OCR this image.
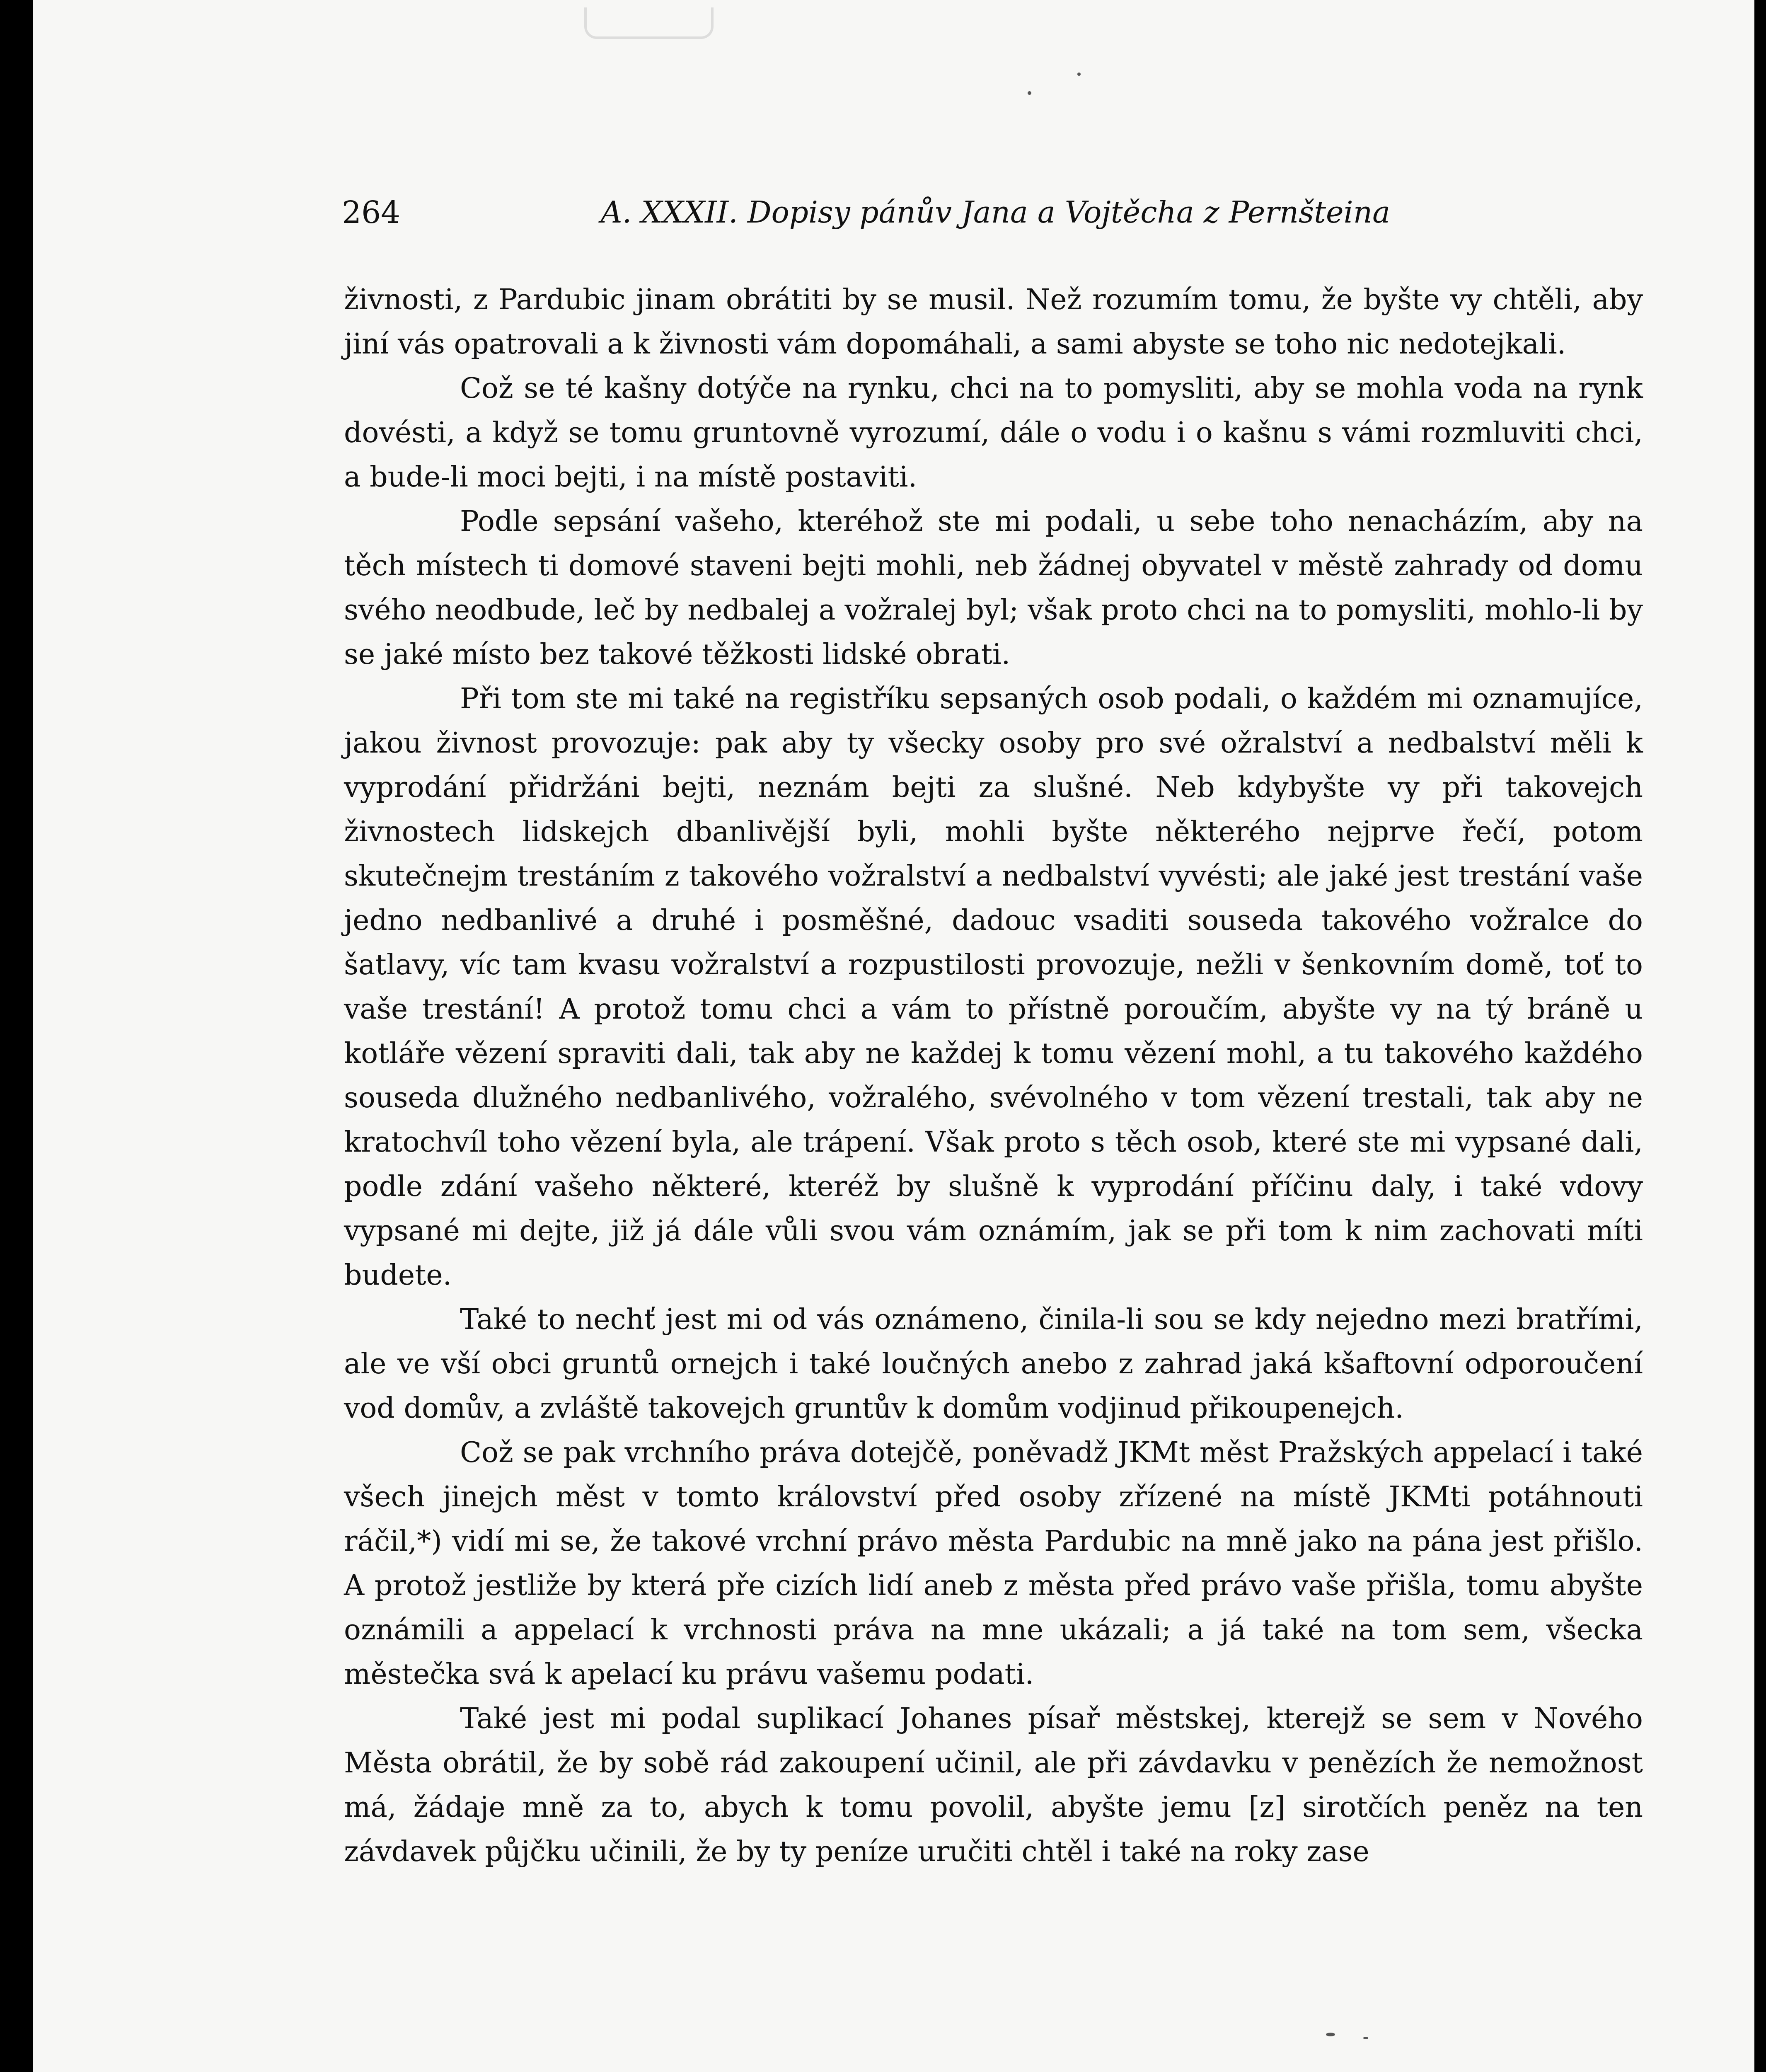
264	A. XXXII. Dopisy pánův Jana a Vojtěcha z Pernšteina

živnosti, z Pardubic jinam obrátiti by se musil. Než rozumím tomu, že byšte vy chtěli, aby jiní vás opatrovali a k živnosti vám dopomáhali, a sami abyste se toho nic nedotejkali.

Což se té kašny dotýče na rynku, chci na to pomysliti, aby se mohla voda na rynk dovésti, a když se tomu gruntovně vyrozumí, dále o vodu i o kašnu s vámi rozmluviti chci, a bude-li moci bejti, i na místě postaviti.

Podle sepsání vašeho, kteréhož ste mi podali, u sebe toho nenacházím, aby na těch místech ti domové staveni bejti mohli, neb žádnej obyvatel v městě zahrady od domu svého neodbude, leč by nedbalej a vožralej byl; však proto chci na to pomysliti, mohlo-li by se jaké místo bez takové těžkosti lidské obrati.

Při tom ste mi také na registříku sepsaných osob podali, o každém mi oznamujíce, jakou živnost provozuje: pak aby ty všecky osoby pro své ožralství a nedbalství měli k vyprodání přidržáni bejti, neznám bejti za slušné. Neb kdybyšte vy při takovejch živnostech lidskejch dbanlivější byli, mohli byšte některého nejprve řečí, potom skutečnejm trestáním z takového vožralství a nedbalství vyvésti; ale jaké jest trestání vaše jedno nedbanlivé a druhé i posměšné, dadouc vsaditi souseda takového vožralce do šatlavy, víc tam kvasu vožralství a rozpustilosti provozuje, nežli v šenkovním domě, toť to vaše trestání! A protož tomu chci a vám to přístně poroučím, abyšte vy na tý bráně u kotláře vězení spraviti dali, tak aby ne každej k tomu vězení mohl, a tu takového každého souseda dlužného nedbanlivého, vožralého, svévolného v tom vězení trestali, tak aby ne kratochvíl toho vězení byla, ale trápení. Však proto s těch osob, které ste mi vypsané dali, podle zdání vašeho některé, kteréž by slušně k vyprodání příčinu daly, i také vdovy vypsané mi dejte, již já dále vůli svou vám oznámím, jak se při tom k nim zachovati míti budete.

Také to nechť jest mi od vás oznámeno, činila-li sou se kdy nejedno mezi bratřími, ale ve vší obci gruntů ornejch i také loučných anebo z zahrad jaká kšaftovní odporoučení vod domův, a zvláště takovejch gruntův k domům vodjinud přikoupenejch.

Což se pak vrchního práva dotejčě, poněvadž JKMt měst Pražských appelací i také všech jinejch měst v tomto království před osoby zřízené na místě JKMti potáhnouti ráčil,*) vidí mi se, že takové vrchní právo města Pardubic na mně jako na pána jest přišlo. A protož jestliže by která pře cizích lidí aneb z města před právo vaše přišla, tomu abyšte oznámili a appelací k vrchnosti práva na mne ukázali; a já také na tom sem, všecka městečka svá k apelací ku právu vašemu podati.

Také jest mi podal suplikací Johanes písař městskej, kterejž se sem v Nového Města obrátil, že by sobě rád zakoupení učinil, ale při závdavku v penězích že nemožnost má, žádaje mně za to, abych k tomu povolil, abyšte jemu [z] sirotčích peněz na ten závdavek půjčku učinili, že by ty peníze uručiti chtěl i také na roky zase
